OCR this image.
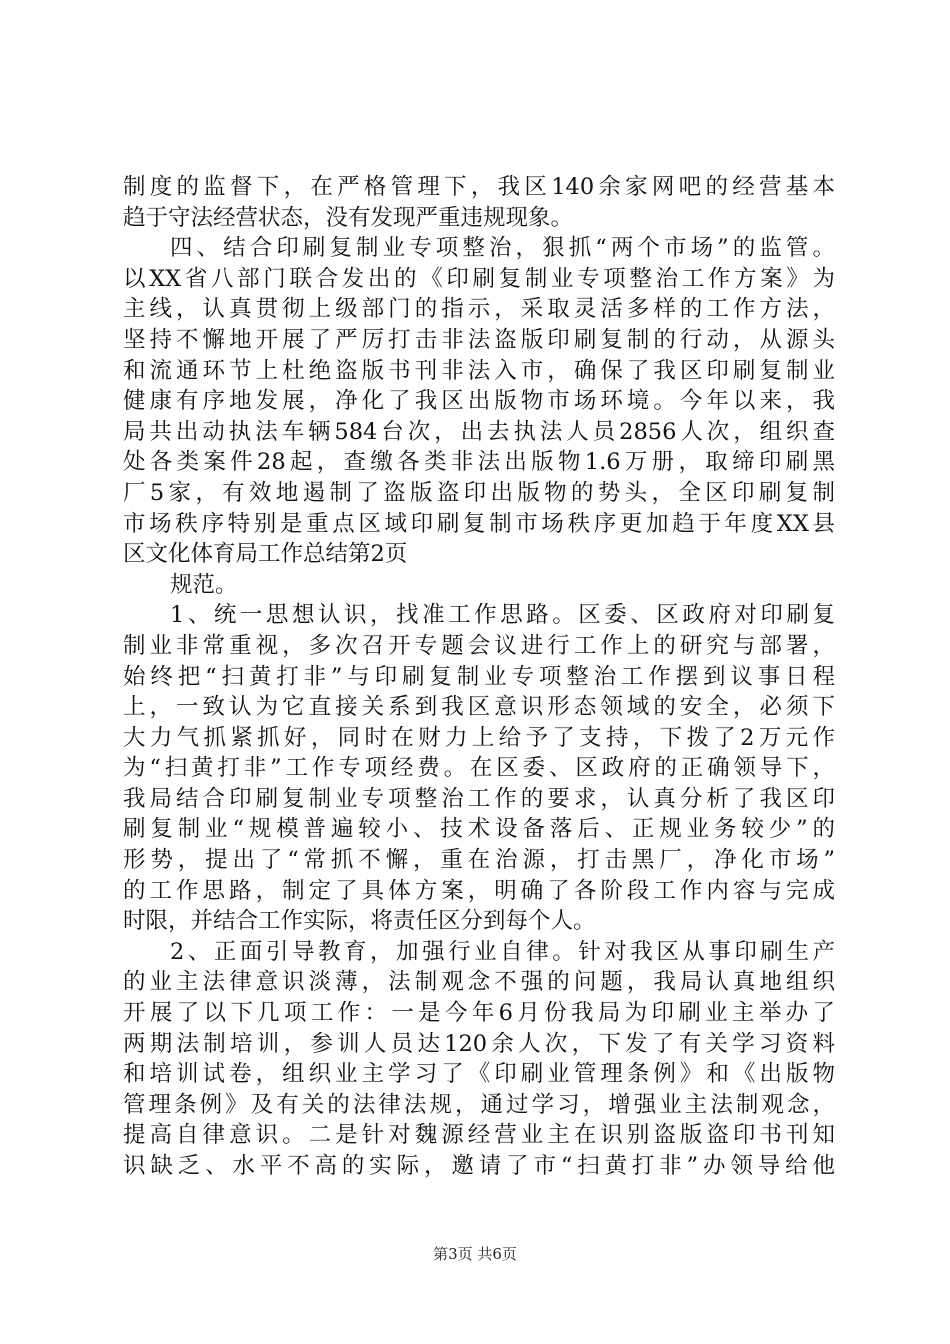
制度的监督下，在严格管理下，我区140余家网吧的经营基本
趋于守法经营状态，没有发现严重违规现象。
四、结合印刷复制业专项整治，狠抓“两个市场”的监管。
以XX省八部门联合发出的《印刷复制业专项整治工作方案》为
主线，认真贯彻上级部门的指示，采取灵活多样的工作方法，
坚持不懈地开展了严厉打击非法盗版印刷复制的行动，从源头
和流通环节上杜绝盗版书刊非法入市，确保了我区印刷复制业
健康有序地发展，净化了我区出版物市场环境。今年以来，我
局共出动执法车辆584台次，出去执法人员2856人次，组织查
处各类案件28起，查缴各类非法出版物1.6万册，取缔印刷黑
厂5家，有效地遏制了盗版盗印出版物的势头，全区印刷复制
市场秩序特别是重点区域印刷复制市场秩序更加趋于年度XX县
区文化体育局工作总结第2页
规范。
1、统一思想认识，找准工作思路。区委、区政府对印刷复
制业非常重视，多次召开专题会议进行工作上的研究与部署，
始终把“扫黄打非”与印刷复制业专项整治工作摆到议事日程
上，一致认为它直接关系到我区意识形态领域的安全，必须下
大力气抓紧抓好，同时在财力上给予了支持，下拨了2万元作
为“扫黄打非”工作专项经费。在区委、区政府的正确领导下，
我局结合印刷复制业专项整治工作的要求，认真分析了我区印
刷复制业“规模普遍较小、技术设备落后、正规业务较少”的
形势，提出了“常抓不懈，重在治源，打击黑厂，净化市场”
的工作思路，制定了具体方案，明确了各阶段工作内容与完成
时限，并结合工作实际，将责任区分到每个人。
2、正面引导教育，加强行业自律。针对我区从事印刷生产
的业主法律意识淡薄，法制观念不强的问题，我局认真地组织
开展了以下几项工作：一是今年6月份我局为印刷业主举办了
两期法制培训，参训人员达120余人次，下发了有关学习资料
和培训试卷，组织业主学习了《印刷业管理条例》和《出版物
管理条例》及有关的法律法规，通过学习，增强业主法制观念，
提高自律意识。二是针对魏源经营业主在识别盗版盗印书刊知
识缺乏、水平不高的实际，邀请了市“扫黄打非”办领导给他
第3页 共6页
